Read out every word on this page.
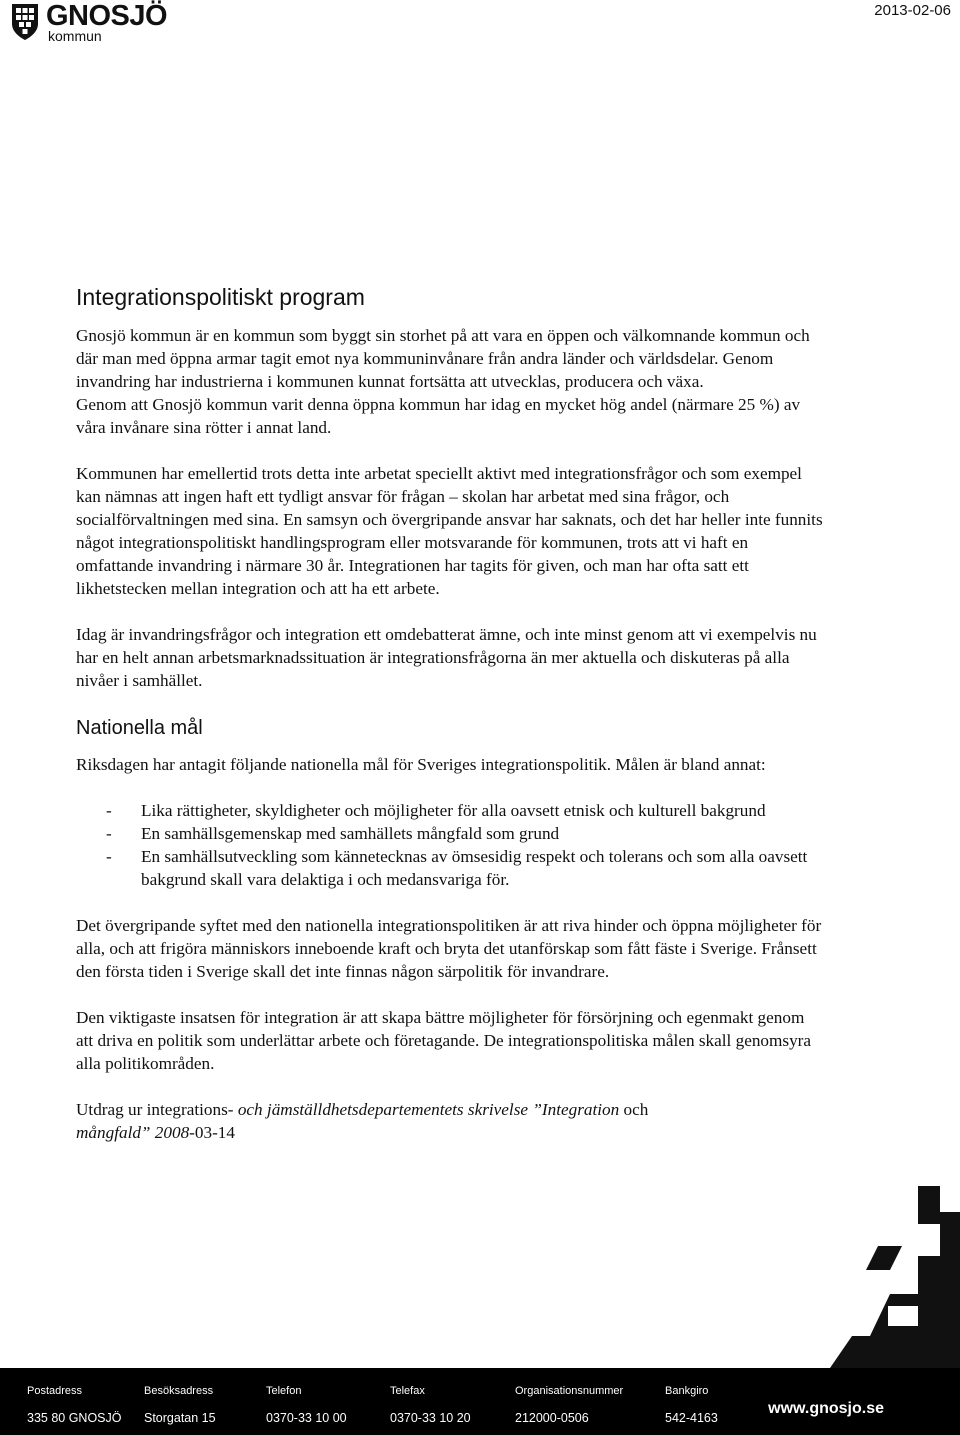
GNOSJÖ
kommun
2013-02-06
Integrationspolitiskt program

Gnosjö kommun är en kommun som byggt sin storhet på att vara en öppen och välkomnande kommun och där man med öppna armar tagit emot nya kommuninvånare från andra länder och världsdelar. Genom invandring har industrierna i kommunen kunnat fortsätta att utvecklas, producera och växa.

Genom att Gnosjö kommun varit denna öppna kommun har idag en mycket hög andel (närmare 25 %) av våra invånare sina rötter i annat land.

Kommunen har emellertid trots detta inte arbetat speciellt aktivt med integrationsfrågor och som exempel kan nämnas att ingen haft ett tydligt ansvar för frågan – skolan har arbetat med sina frågor, och socialförvaltningen med sina. En samsyn och övergripande ansvar har saknats, och det har heller inte funnits något integrationspolitiskt handlingsprogram eller motsvarande för kommunen, trots att vi haft en omfattande invandring i närmare 30 år. Integrationen har tagits för given, och man har ofta satt ett likhetstecken mellan integration och att ha ett arbete.

Idag är invandringsfrågor och integration ett omdebatterat ämne, och inte minst genom att vi exempelvis nu har en helt annan arbetsmarknadssituation är integrationsfrågorna än mer aktuella och diskuteras på alla nivåer i samhället.

Nationella mål

Riksdagen har antagit följande nationella mål för Sveriges integrationspolitik. Målen är bland annat:

- Lika rättigheter, skyldigheter och möjligheter för alla oavsett etnisk och kulturell bakgrund
- En samhällsgemenskap med samhällets mångfald som grund
- En samhällsutveckling som kännetecknas av ömsesidig respekt och tolerans och som alla oavsett bakgrund skall vara delaktiga i och medansvariga för.

Det övergripande syftet med den nationella integrationspolitiken är att riva hinder och öppna möjligheter för alla, och att frigöra människors inneboende kraft och bryta det utanförskap som fått fäste i Sverige. Frånsett den första tiden i Sverige skall det inte finnas någon särpolitik för invandrare.

Den viktigaste insatsen för integration är att skapa bättre möjligheter för försörjning och egenmakt genom att driva en politik som underlättar arbete och företagande. De integrationspolitiska målen skall genomsyra alla politikområden.

Utdrag ur integrations- och jämställdhetsdepartementets skrivelse ”Integration och
mångfald” 2008-03-14

Postadress
335 80 GNOSJÖ
Besöksadress
Storgatan 15
Telefon
0370-33 10 00
Telefax
0370-33 10 20
Organisationsnummer
212000-0506
Bankgiro
542-4163
www.gnosjo.se
